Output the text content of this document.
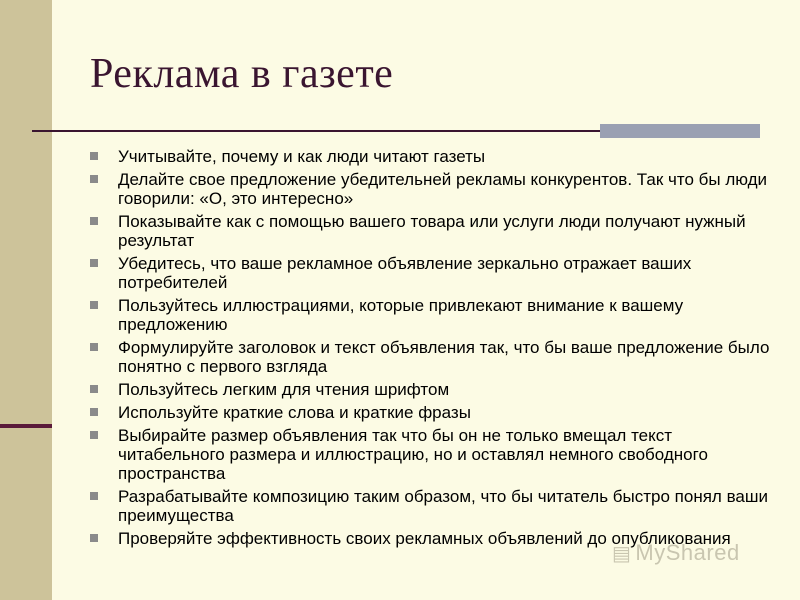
Реклама в газете
Учитывайте, почему и как люди читают газеты
Делайте свое предложение убедительней рекламы конкурентов. Так что бы люди говорили: «О, это интересно»
Показывайте как с помощью вашего товара или услуги люди получают нужный результат
Убедитесь, что ваше рекламное объявление зеркально отражает ваших потребителей
Пользуйтесь иллюстрациями, которые привлекают внимание к вашему предложению
Формулируйте заголовок и текст объявления так, что бы ваше предложение было понятно с первого взгляда
Пользуйтесь легким для чтения шрифтом
Используйте краткие слова и краткие фразы
Выбирайте размер объявления так что бы он не только вмещал текст читабельного размера и иллюстрацию, но и оставлял немного свободного пространства
Разрабатывайте композицию таким образом, что бы читатель быстро понял ваши преимущества
Проверяйте эффективность своих рекламных объявлений до опубликования
▤ MyShared
